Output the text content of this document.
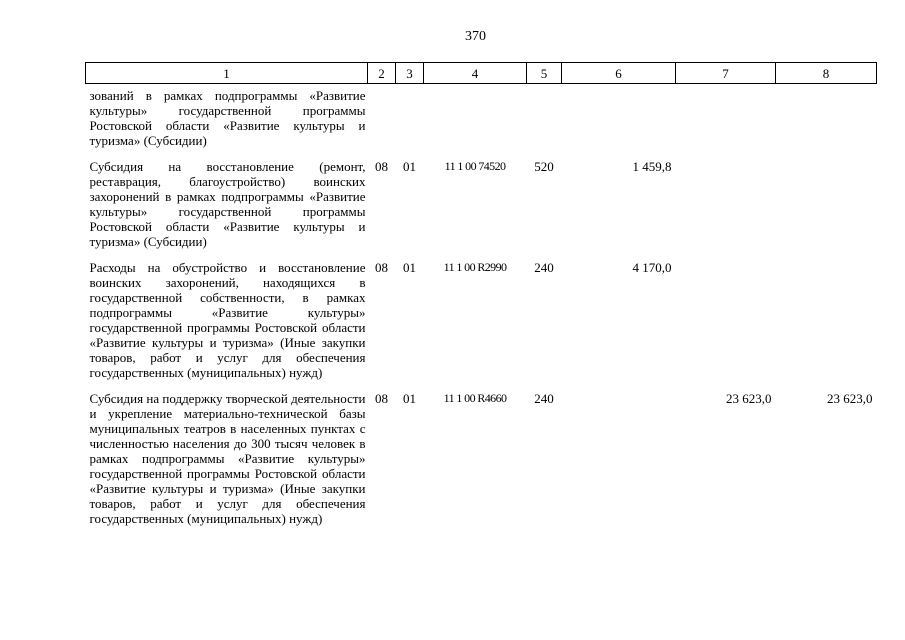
370
1	2	3	4	5	6	7	8
зований в рамках подпрограммы «Развитие культуры» государственной программы Ростовской области «Развитие культуры и туризма» (Субсидии)							
Субсидия на восстановление (ремонт, реставрация, благоустройство) воинских захоронений в рамках подпрограммы «Развитие культуры» государственной программы Ростовской области «Развитие культуры и туризма» (Субсидии)	08	01	11 1 00 74520	520	1 459,8		
Расходы на обустройство и восстановление воинских захоронений, находящихся в государственной собственности, в рамках подпрограммы «Развитие культуры» государственной программы Ростовской области «Развитие культуры и туризма» (Иные закупки товаров, работ и услуг для обеспечения государственных (муниципальных) нужд)	08	01	11 1 00 R2990	240	4 170,0		
Субсидия на поддержку творческой деятельности и укрепление материально-технической базы муниципальных театров в населенных пунктах с численностью населения до 300 тысяч человек в рамках подпрограммы «Развитие культуры» государственной программы Ростовской области «Развитие культуры и туризма» (Иные закупки товаров, работ и услуг для обеспечения государственных (муниципальных) нужд)	08	01	11 1 00 R4660	240		23 623,0	23 623,0
